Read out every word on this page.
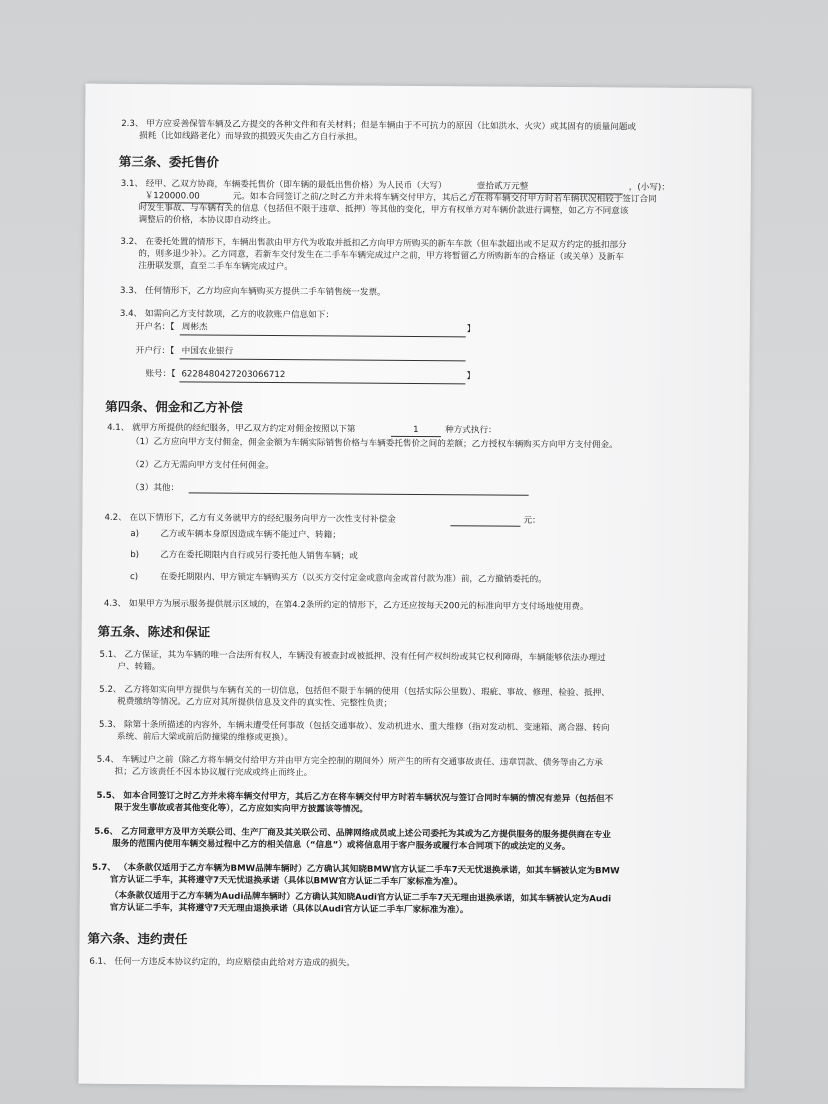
2.3、 甲方应妥善保管车辆及乙方提交的各种文件和有关材料；但是车辆由于不可抗力的原因（比如洪水、火灾）或其固有的质量问题或
损耗（比如线路老化）而导致的损毁灭失由乙方自行承担。
第三条、委托售价
3.1、 经甲、乙双方协商，车辆委托售价（即车辆的最低出售价格）为人民币（大写）	壹拾贰万元整	，(小写)：
￥120000.00	元。如本合同签订之前/之时乙方并未将车辆交付甲方，其后乙方在将车辆交付甲方时若车辆状况相较于签订合同
时发生事故、与车辆有关的信息（包括但不限于违章、抵押）等其他的变化，甲方有权单方对车辆价款进行调整，如乙方不同意该
调整后的价格，本协议即自动终止。
3.2、 在委托处置的情形下，车辆出售款由甲方代为收取并抵扣乙方向甲方所购买的新车车款（但车款超出或不足双方约定的抵扣部分
的，则多退少补）。乙方同意，若新车交付发生在二手车车辆完成过户之前，甲方将暂留乙方所购新车的合格证（或关单）及新车
注册联发票，直至二手车车辆完成过户。
3.3、 任何情形下，乙方均应向车辆购买方提供二手车销售统一发票。
3.4、 如需向乙方支付款项，乙方的收款账户信息如下：
开户名：【 周彬杰	】
开户行：【 中国农业银行
账号：【 6228480427203066712	】
第四条、佣金和乙方补偿
4.1、 就甲方所提供的经纪服务，甲乙双方约定对佣金按照以下第	1	种方式执行：
（1）乙方应向甲方支付佣金，佣金金额为车辆实际销售价格与车辆委托售价之间的差额；乙方授权车辆购买方向甲方支付佣金。
（2）乙方无需向甲方支付任何佣金。
（3）其他：
4.2、 在以下情形下，乙方有义务就甲方的经纪服务向甲方一次性支付补偿金	元：
a) 乙方或车辆本身原因造成车辆不能过户、转籍；
b) 乙方在委托期限内自行或另行委托他人销售车辆；或
c)	在委托期限内、甲方锁定车辆购买方（以买方交付定金或意向金或首付款为准）前，乙方撤销委托的。
4.3、 如果甲方为展示服务提供展示区域的，在第4.2条所约定的情形下，乙方还应按每天200元的标准向甲方支付场地使用费。
第五条、陈述和保证
5.1、 乙方保证，其为车辆的唯一合法所有权人，车辆没有被查封或被抵押、没有任何产权纠纷或其它权利障碍，车辆能够依法办理过
户、转籍。
5.2、 乙方将如实向甲方提供与车辆有关的一切信息，包括但不限于车辆的使用（包括实际公里数）、瑕疵、事故、修理、检验、抵押、
税费缴纳等情况。乙方应对其所提供信息及文件的真实性、完整性负责；
5.3、 除第十条所描述的内容外，车辆未遭受任何事故（包括交通事故）、发动机进水、重大维修（指对发动机、变速箱、离合器、转向
系统、前后大梁或前后防撞梁的维修或更换）。
5.4、 车辆过户之前（除乙方将车辆交付给甲方并由甲方完全控制的期间外）所产生的所有交通事故责任、违章罚款、债务等由乙方承
担；乙方该责任不因本协议履行完成或终止而终止。
5.5、 如本合同签订之时乙方并未将车辆交付甲方，其后乙方在将车辆交付甲方时若车辆状况与签订合同时车辆的情况有差异（包括但不
限于发生事故或者其他变化等），乙方应如实向甲方披露该等情况。
5.6、 乙方同意甲方及甲方关联公司、生产厂商及其关联公司、品牌网络成员或上述公司委托为其或为乙方提供服务的服务提供商在专业
服务的范围内使用车辆交易过程中乙方的相关信息（“信息”）或将信息用于客户服务或履行本合同项下的或法定的义务。
5.7、 （本条款仅适用于乙方车辆为BMW品牌车辆时）乙方确认其知晓BMW官方认证二手车7天无忧退换承诺，如其车辆被认定为BMW
官方认证二手车，其将遵守7天无忧退换承诺（具体以BMW官方认证二手车厂家标准为准）。
（本条款仅适用于乙方车辆为Audi品牌车辆时）乙方确认其知晓Audi官方认证二手车7天无理由退换承诺，如其车辆被认定为Audi
官方认证二手车，其将遵守7天无理由退换承诺（具体以Audi官方认证二手车厂家标准为准）。
第六条、违约责任
6.1、 任何一方违反本协议约定的，均应赔偿由此给对方造成的损失。
